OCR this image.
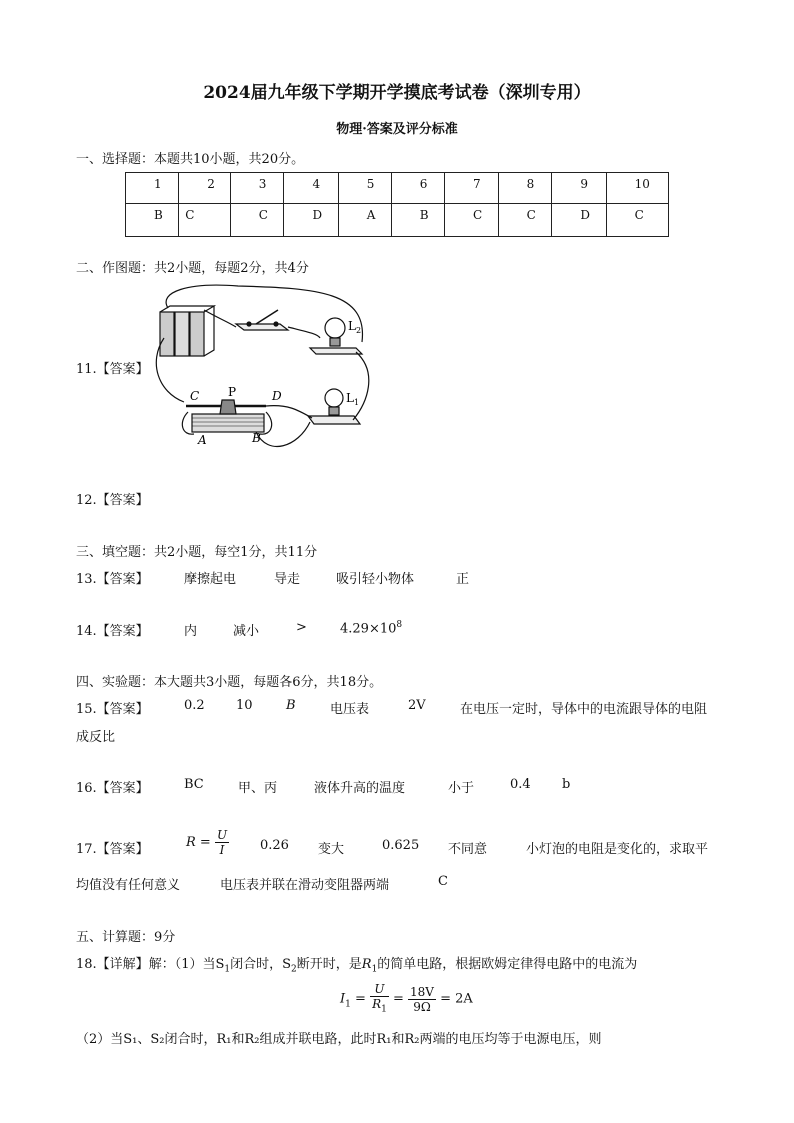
2024届九年级下学期开学摸底考试卷（深圳专用）
物理·答案及评分标准
一、选择题：本题共10小题，共20分。
1	2	3	4	5	6	7	8	9	10
B	C	C	D	A	B	C	C	D	C
二、作图题：共2小题，每题2分，共4分
11.【答案】
C P	D
A	B
$L_2$
$L_1$
12.【答案】
三、填空题：共2小题，每空1分，共11分
13.【答案】	摩擦起电	导走	吸引轻小物体	正
14.【答案】	内	减小	>	$4.29\times 10^8$
四、实验题：本大题共3小题，每题各6分，共18分。
15.【答案】	0.2 10	B	电压表	2V	在电压一定时，导体中的电流跟导体的电阻
成反比
16.【答案】	BC	甲、丙	液体升高的温度	小于	0.4 b
17.【答案】	$R = \frac{U}{I} 0.26$ 变大	0.625 不同意	小灯泡的电阻是变化的，求取平
均值没有任何意义	电压表并联在滑动变阻器两端	C
五、计算题：9分
18.【详解】解：（1）当$S_1$闭合时，$S_2$断开时，是$R_1$的简单电路，根据欧姆定律得电路中的电流为
$I_1 = \frac{U}{R_1} = \frac{18V}{9\Omega} = 2A$
（2）当S₁、S₂闭合时，R₁和R₂组成并联电路，此时R₁和R₂两端的电压均等于电源电压，则
